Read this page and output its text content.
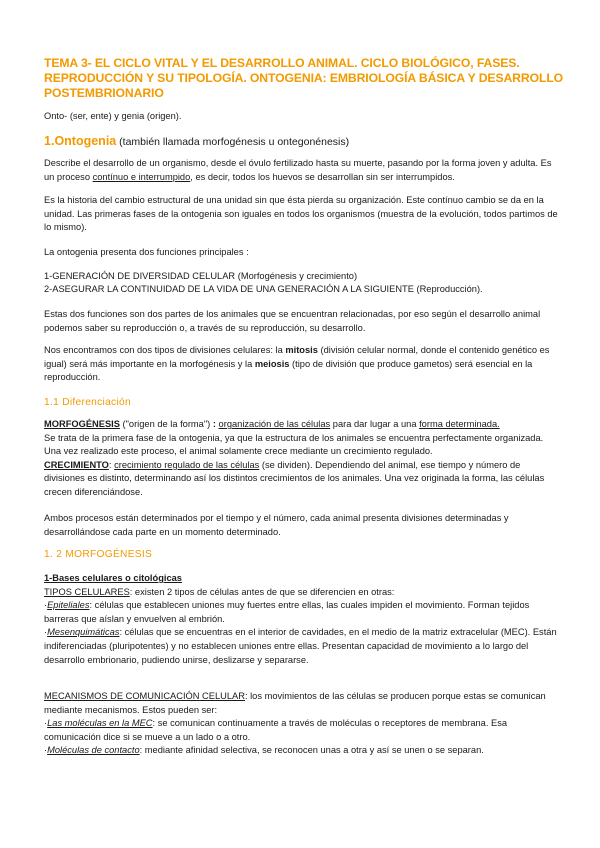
TEMA 3- EL CICLO VITAL Y EL DESARROLLO ANIMAL. CICLO BIOLÓGICO, FASES. REPRODUCCIÓN Y SU TIPOLOGÍA. ONTOGENIA: EMBRIOLOGÍA BÁSICA Y DESARROLLO POSTEMBRIONARIO
Onto- (ser, ente) y genia (origen).
1.Ontogenia (también llamada morfogénesis u ontegonénesis)
Describe el desarrollo de un organismo, desde el óvulo fertilizado hasta su muerte, pasando por la forma joven y adulta. Es un proceso contínuo e interrumpido, es decir, todos los huevos se desarrollan sin ser interrumpidos.
Es la historia del cambio estructural de una unidad sin que ésta pierda su organización. Este contínuo cambio se da en la unidad. Las primeras fases de la ontogenia son iguales en todos los organismos (muestra de la evolución, todos partimos de lo mismo).
La ontogenia presenta dos funciones principales :
1-GENERACIÓN DE DIVERSIDAD CELULAR (Morfogénesis y crecimiento)
2-ASEGURAR LA CONTINUIDAD DE LA VIDA DE UNA GENERACIÓN A LA SIGUIENTE (Reproducción).
Estas dos funciones son dos partes de los animales que se encuentran relacionadas, por eso según el desarrollo animal podemos saber su reproducción o, a través de su reproducción, su desarrollo.
Nos encontramos con dos tipos de divisiones celulares: la mitosis (división celular normal, donde el contenido genético es igual) será más importante en la morfogénesis y la meiosis (tipo de división que produce gametos) será esencial en la reproducción.
1.1 Diferenciación
MORFOGÉNESIS ("origen de la forma") : organización de las células para dar lugar a una forma determinada.
Se trata de la primera fase de la ontogenia, ya que la estructura de los animales se encuentra perfectamente organizada. Una vez realizado este proceso, el animal solamente crece mediante un crecimiento regulado.
CRECIMIENTO: crecimiento regulado de las células (se dividen). Dependiendo del animal, ese tiempo y número de divisiones es distinto, determinando así los distintos crecimientos de los animales. Una vez originada la forma, las células crecen diferenciándose.
Ambos procesos están determinados por el tiempo y el número, cada animal presenta divisiones determinadas y desarrollándose cada parte en un momento determinado.
1. 2 MORFOGÉNESIS
1-Bases celulares o citológicas
TIPOS CELULARES: existen 2 tipos de células antes de que se diferencien en otras:
·Epiteliales: células que establecen uniones muy fuertes entre ellas, las cuales impiden el movimiento. Forman tejidos barreras que aíslan y envuelven al embrión.
·Mesenquimáticas: células que se encuentras en el interior de cavidades, en el medio de la matriz extracelular (MEC). Están indiferenciadas (pluripotentes) y no establecen uniones entre ellas. Presentan capacidad de movimiento a lo largo del desarrollo embrionario, pudiendo unirse, deslizarse y separarse.
MECANISMOS DE COMUNICACIÓN CELULAR: los movimientos de las células se producen porque estas se comunican mediante mecanismos. Estos pueden ser:
·Las moléculas en la MEC: se comunican continuamente a través de moléculas o receptores de membrana. Esa comunicación dice si se mueve a un lado o a otro.
·Moléculas de contacto: mediante afinidad selectiva, se reconocen unas a otra y así se unen o se separan.
